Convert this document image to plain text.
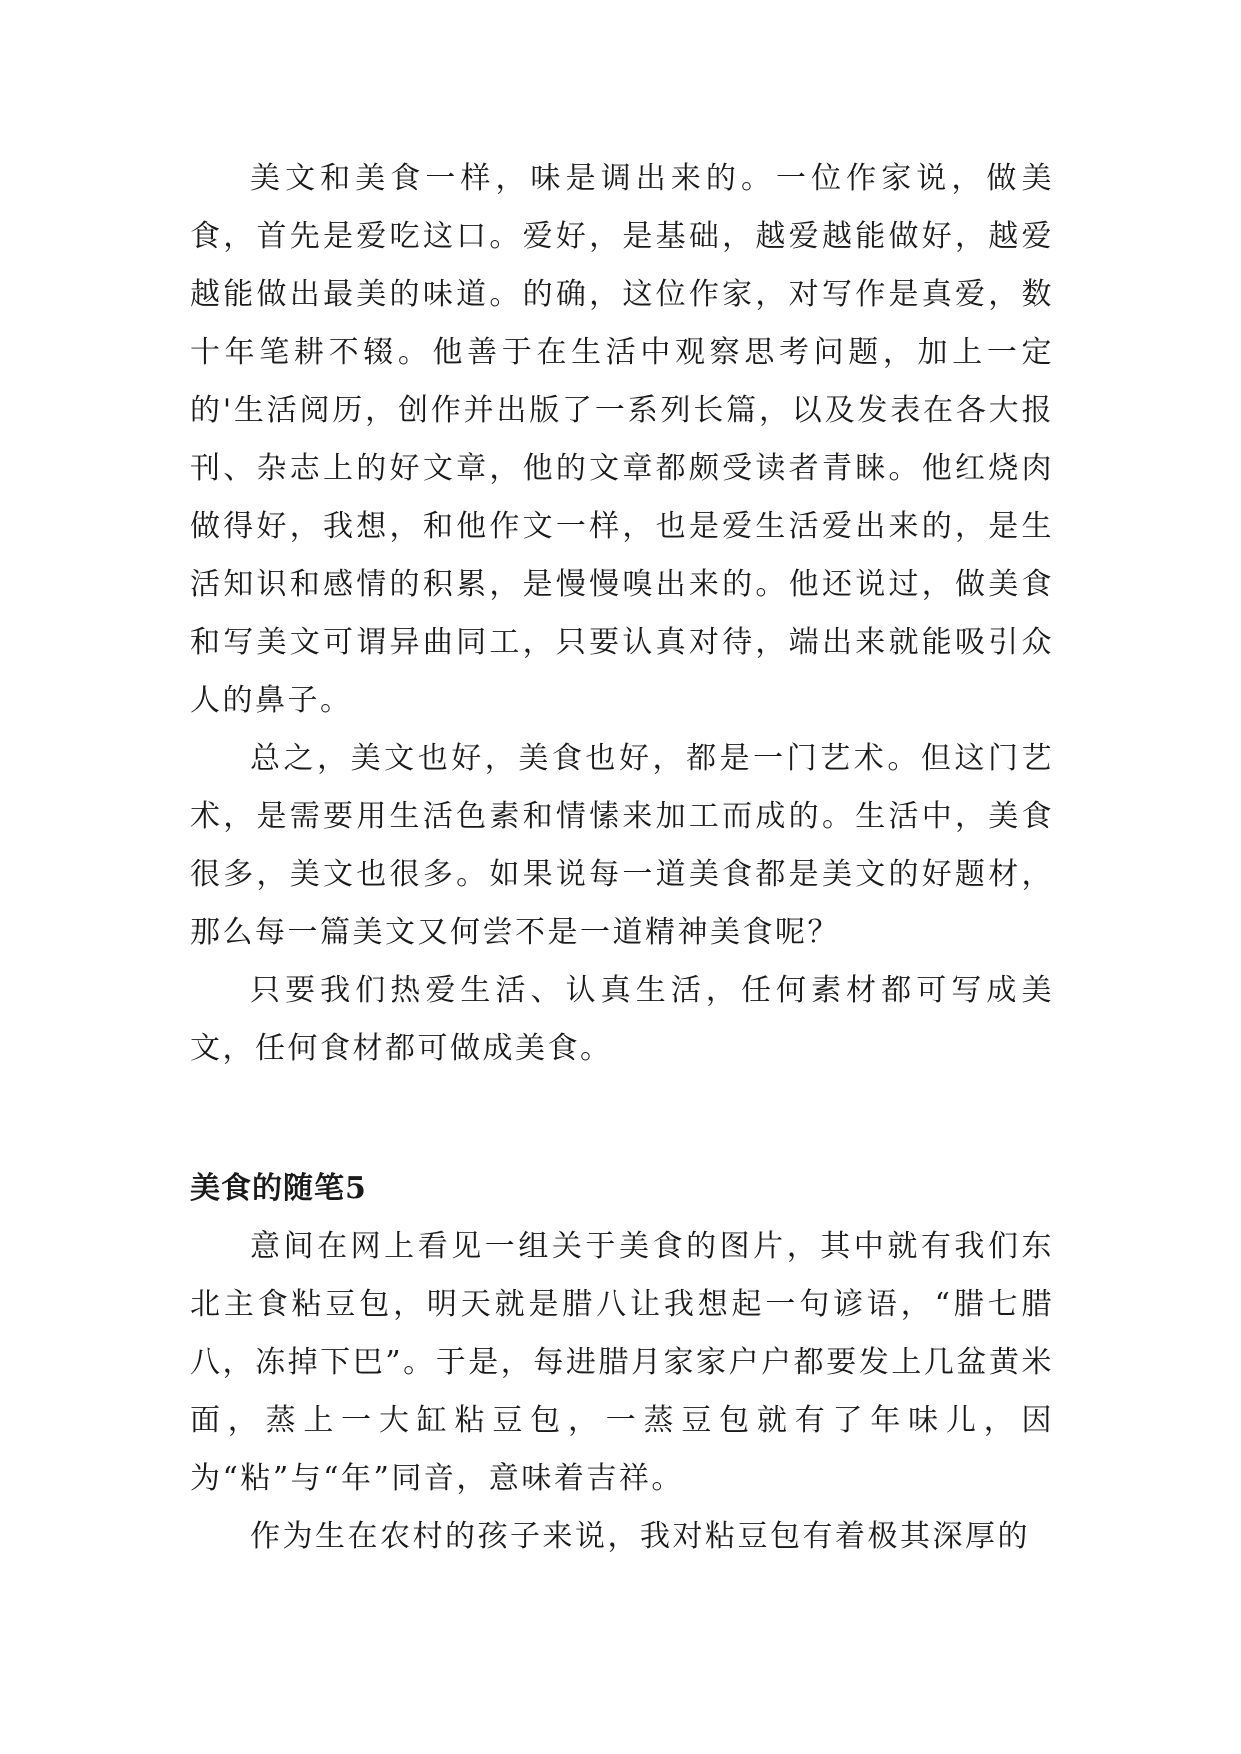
美文和美食一样，味是调出来的。一位作家说，做美食，首先是爱吃这口。爱好，是基础，越爱越能做好，越爱越能做出最美的味道。的确，这位作家，对写作是真爱，数十年笔耕不辍。他善于在生活中观察思考问题，加上一定的'生活阅历，创作并出版了一系列长篇，以及发表在各大报刊、杂志上的好文章，他的文章都颇受读者青睐。他红烧肉做得好，我想，和他作文一样，也是爱生活爱出来的，是生活知识和感情的积累，是慢慢嗅出来的。他还说过，做美食和写美文可谓异曲同工，只要认真对待，端出来就能吸引众人的鼻子。

总之，美文也好，美食也好，都是一门艺术。但这门艺术，是需要用生活色素和情愫来加工而成的。生活中，美食很多，美文也很多。如果说每一道美食都是美文的好题材，那么每一篇美文又何尝不是一道精神美食呢？

只要我们热爱生活、认真生活，任何素材都可写成美文，任何食材都可做成美食。

美食的随笔5

意间在网上看见一组关于美食的图片，其中就有我们东北主食粘豆包，明天就是腊八让我想起一句谚语，“腊七腊八，冻掉下巴”。于是，每进腊月家家户户都要发上几盆黄米面，蒸上一大缸粘豆包，一蒸豆包就有了年味儿，因为“粘”与“年”同音，意味着吉祥。

作为生在农村的孩子来说，我对粘豆包有着极其深厚的
